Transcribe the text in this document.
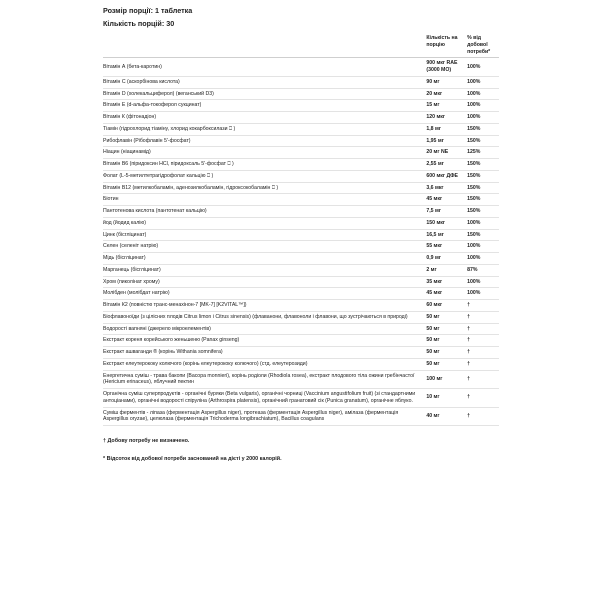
Розмір порції: 1 таблетка
Кількість порцій: 30
	Кількість на порцію	% від добової потреби*
Вітамін А (бета-каротин)	900 мкг RAE (3000 МО)	100%
Вітамін С (аскорбінова кислота)	90 мг	100%
Вітамін D (холекальциферол) (веганський D3)	20 мкг	100%
Вітамін Е (d-альфа-токоферол сукцинат)	15 мг	100%
Вітамін К (фітонадіон)	120 мкг	100%
Тіамін (гідрохлорид тіаміну, хлорид кокарбоксилази ⎕ )	1,8 мг	150%
Рибофлавін (Рібофлавін 5'-фосфат)	1,95 мг	150%
Ніацин (ніацинамід)	20 мг NE	125%
Вітамін В6 (піридоксин HCl, піридоксаль 5'-фосфат ⎕ )	2,55 мг	150%
Фолат (L-5-метилтетрагідрофолат кальцію ⎕ )	600 мкг ДФЕ	150%
Вітамін В12 (метилкобаламін, аденозилкобаламін, гідроксокобаламін ⎕ )	3,6 мкг	150%
Біотин	45 мкг	150%
Пантотенова кислота (пантотенат кальцію)	7,5 мг	150%
йод (йодид калію)	150 мкг	100%
Цинк (бісгліцинат)	16,5 мг	150%
Селен (селеніт натрію)	55 мкг	100%
Мідь (бісгліцинат)	0,9 мг	100%
Марганець (бісгліцинат)	2 мг	87%
Хром (пиколінат хрому)	35 мкг	100%
Молібден (молібдат натрію)	45 мкг	100%
Вітамін К2 (повністю транс-менахінон-7 [MK-7] [K2VITAL™])	60 мкг	†
Біофлавоноїди (з цілісних плодів Citrus limon і Citrus sinensis) (флаванони, флавоноли і флавони, що зустрічаються в природі)	50 мг	†
Водорості вапняні (джерело мікроелементів)	50 мг	†
Екстракт кореня корейського женьшеню (Panax ginseng)	50 мг	†
Екстракт ашваганди ® (корінь Withania somnifera)	50 мг	†
Екстракт елеутерококу колючого (корінь елеутерококу колючого) (стд. елеутерозиди)	50 мг	†
Енергетична суміш - трава бакопи (Bacopa monnieri), корінь родіоли (Rhodiola rosea), екстракт плодового тіла ожини гребінчастої (Hericium erinaceus), яблучний пектин	100 мг	†
Органічна суміш суперпродуктів - органічні буряки (Beta vulgaris), органічні чорниці (Vaccinium angustifolium fruit) (зі стандартними антоціанами), органічні водорості спіруліна (Arthrospira platensis), органічний гранатовий сік (Punica granatum), органічне яблуко.	10 мг	†
Суміш ферментів - ліпаза (ферментація Aspergillus niger), протеаза (ферментація Aspergillus niger), амілаза (ферментація Aspergillus oryzae), целюлаза (ферментація Trichoderma longibrachiatum), Bacillus coagulans	40 мг	†
† Добову потребу не визначено.
* Відсоток від добової потреби заснований на дієті у 2000 калорій.
